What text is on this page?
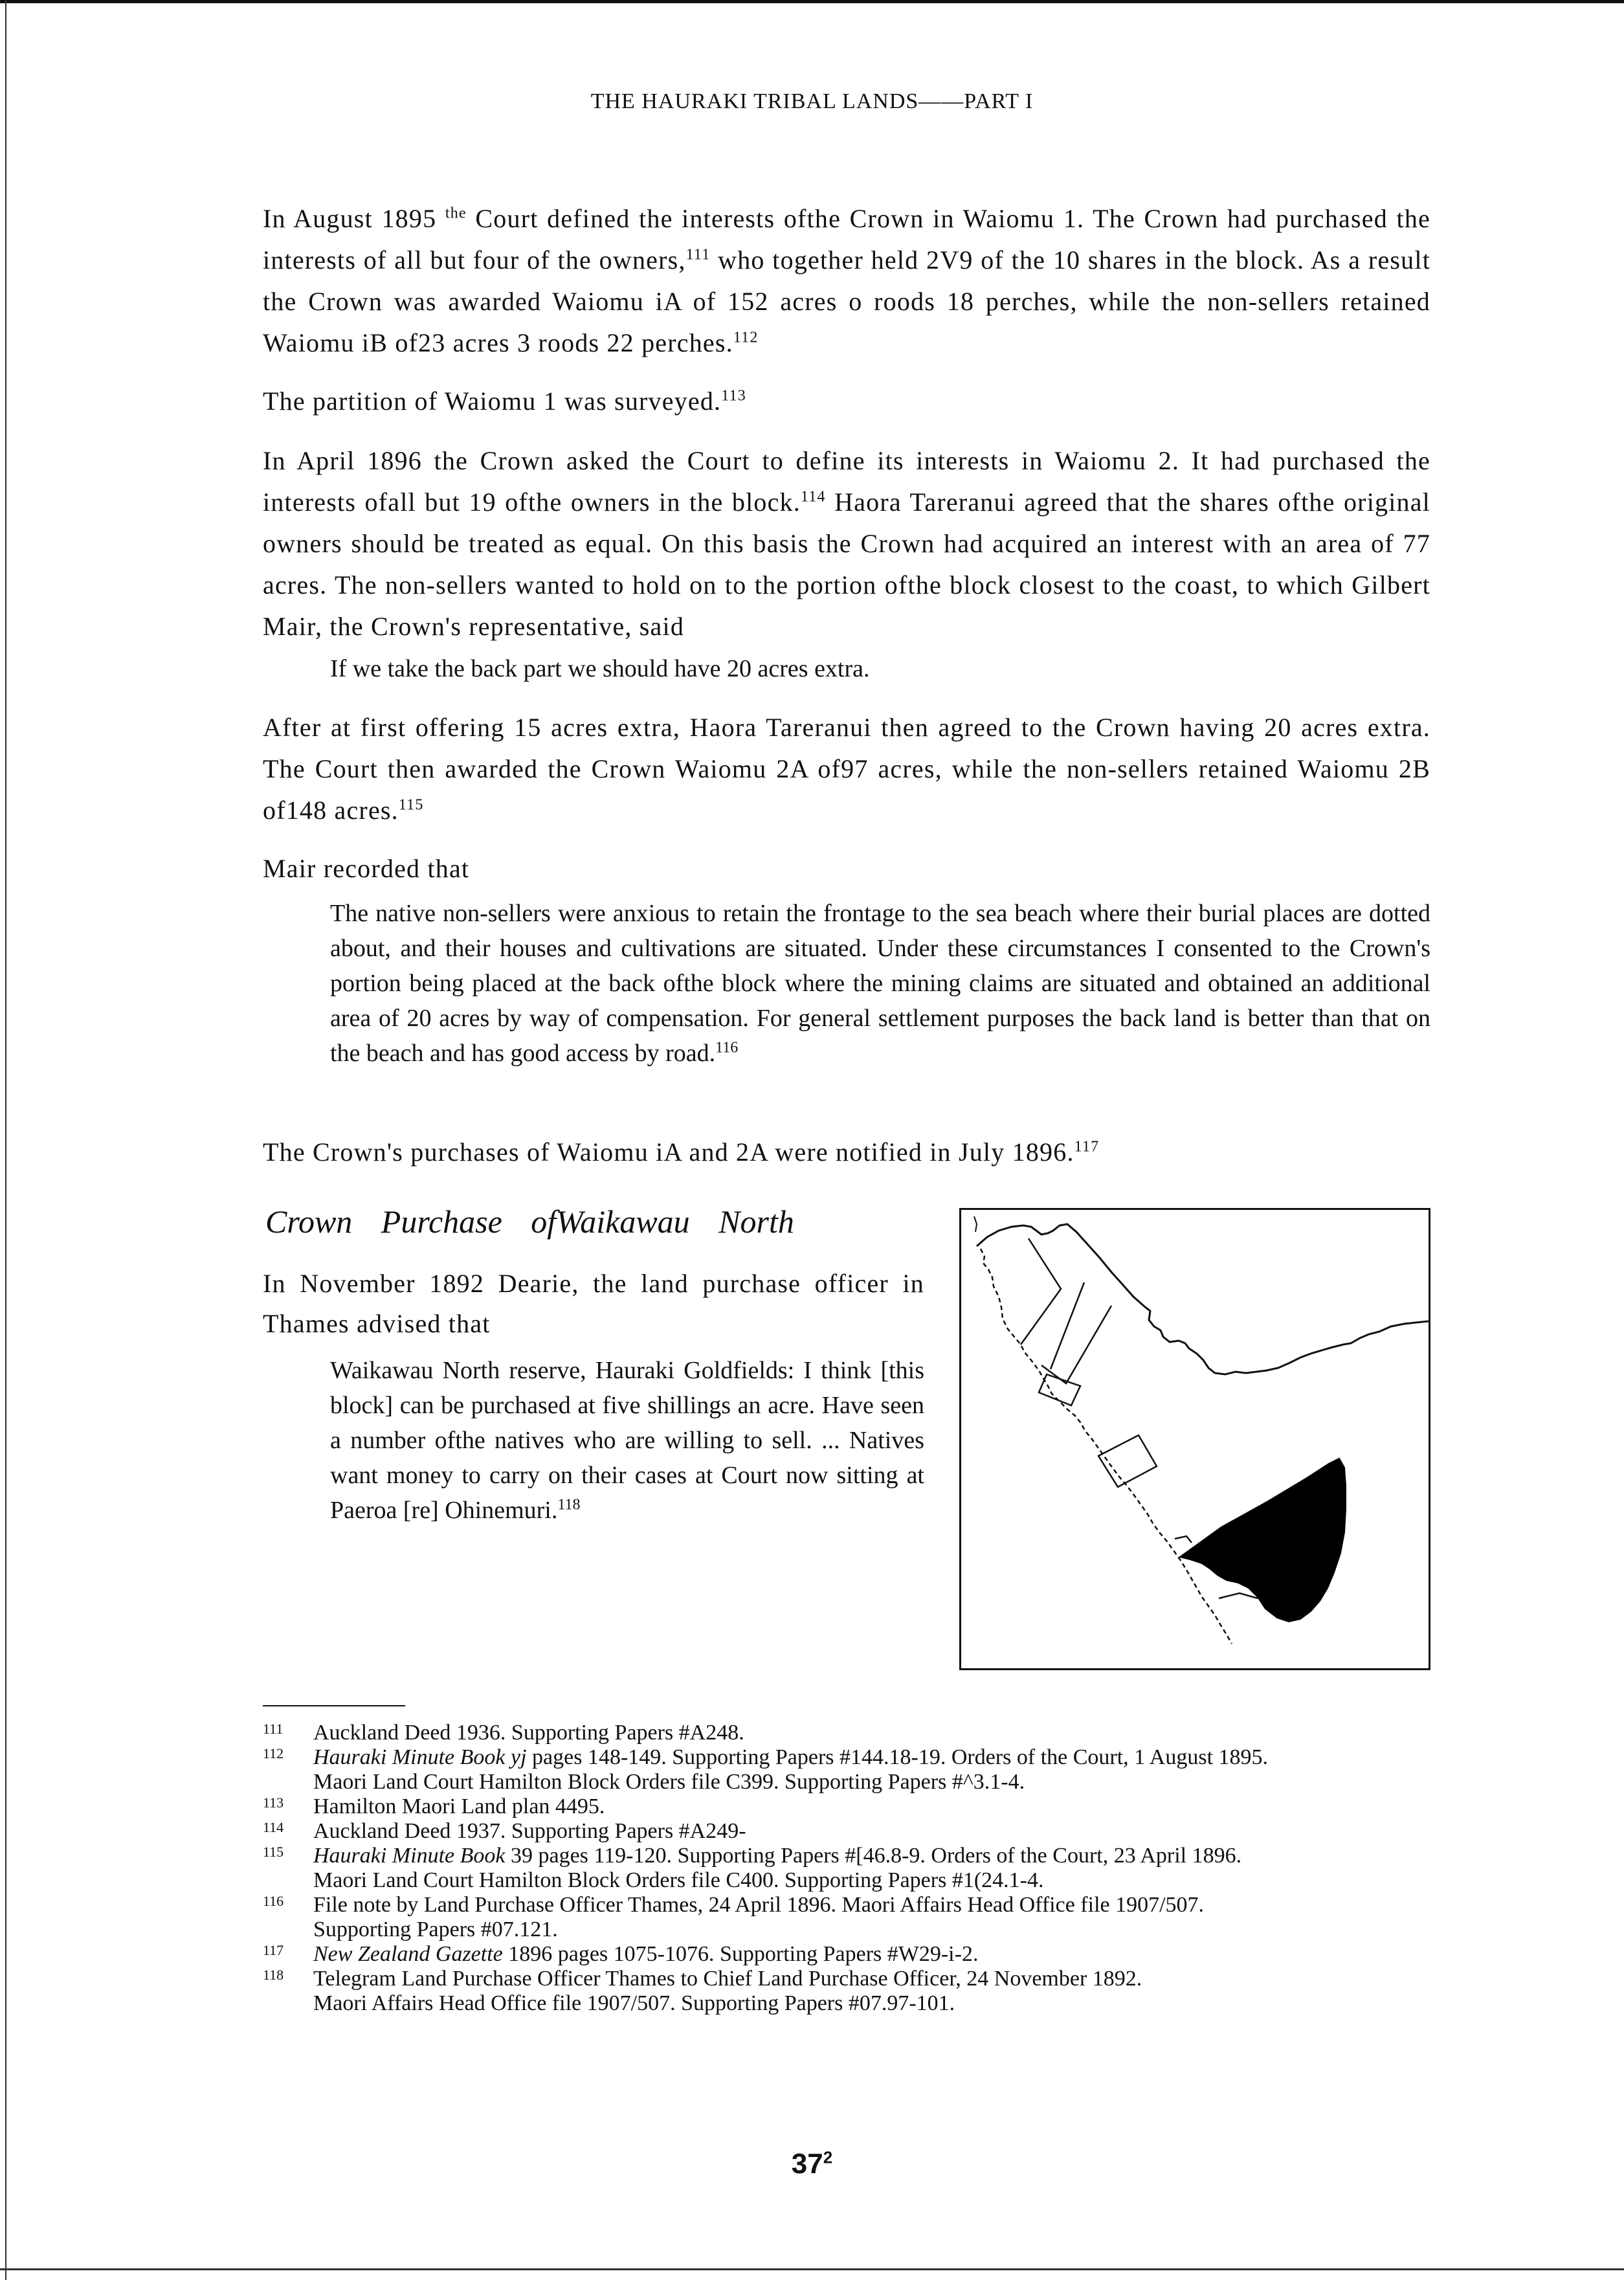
THE HAURAKI TRIBAL LANDS——PART I

In August 1895 $^{the}$ Court defined the interests ofthe Crown in Waiomu 1. The Crown had purchased the interests of all but four of the owners,$^{111}$ who together held 2V9 of the 10 shares in the block. As a result the Crown was awarded Waiomu iA of 152 acres o roods 18 perches, while the non-sellers retained Waiomu iB of23 acres 3 roods 22 perches.$^{112}$

The partition of Waiomu 1 was surveyed.$^{113}$

In April 1896 the Crown asked the Court to define its interests in Waiomu 2. It had purchased the interests ofall but 19 ofthe owners in the block.$^{114}$ Haora Tareranui agreed that the shares ofthe original owners should be treated as equal. On this basis the Crown had acquired an interest with an area of 77 acres. The non-sellers wanted to hold on to the portion ofthe block closest to the coast, to which Gilbert Mair, the Crown's representative, said

If we take the back part we should have 20 acres extra.

After at first offering 15 acres extra, Haora Tareranui then agreed to the Crown having 20 acres extra. The Court then awarded the Crown Waiomu 2A of97 acres, while the non-sellers retained Waiomu 2B of148 acres.$^{115}$

Mair recorded that

The native non-sellers were anxious to retain the frontage to the sea beach where their burial places are dotted about, and their houses and cultivations are situated. Under these circumstances I consented to the Crown's portion being placed at the back ofthe block where the mining claims are situated and obtained an additional area of 20 acres by way of compensation. For general settlement purposes the back land is better than that on the beach and has good access by road.$^{116}$

The Crown's purchases of Waiomu iA and 2A were notified in July 1896.$^{117}$

Crown Purchase ofWaikawau North

In November 1892 Dearie, the land purchase officer in Thames advised that

Waikawau North reserve, Hauraki Goldfields: I think [this block] can be purchased at five shillings an acre. Have seen a number ofthe natives who are willing to sell. ... Natives want money to carry on their cases at Court now sitting at Paeroa [re] Ohinemuri.$^{118}$

111	Auckland Deed 1936. Supporting Papers #A248.

112	Hauraki Minute Book yj pages 148-149. Supporting Papers #144.18-19. Orders of the Court, 1 August 1895.
Maori Land Court Hamilton Block Orders file C399. Supporting Papers #^3.1-4.

113	Hamilton Maori Land plan 4495.

114	Auckland Deed 1937. Supporting Papers #A249-

115	Hauraki Minute Book 39 pages 119-120. Supporting Papers #[46.8-9. Orders of the Court, 23 April 1896.
Maori Land Court Hamilton Block Orders file C400. Supporting Papers #1(24.1-4.

116	File note by Land Purchase Officer Thames, 24 April 1896. Maori Affairs Head Office file 1907/507.
Supporting Papers #07.121.

117	New Zealand Gazette 1896 pages 1075-1076. Supporting Papers #W29-i-2.

118	Telegram Land Purchase Officer Thames to Chief Land Purchase Officer, 24 November 1892.
Maori Affairs Head Office file 1907/507. Supporting Papers #07.97-101.

$37^2$
